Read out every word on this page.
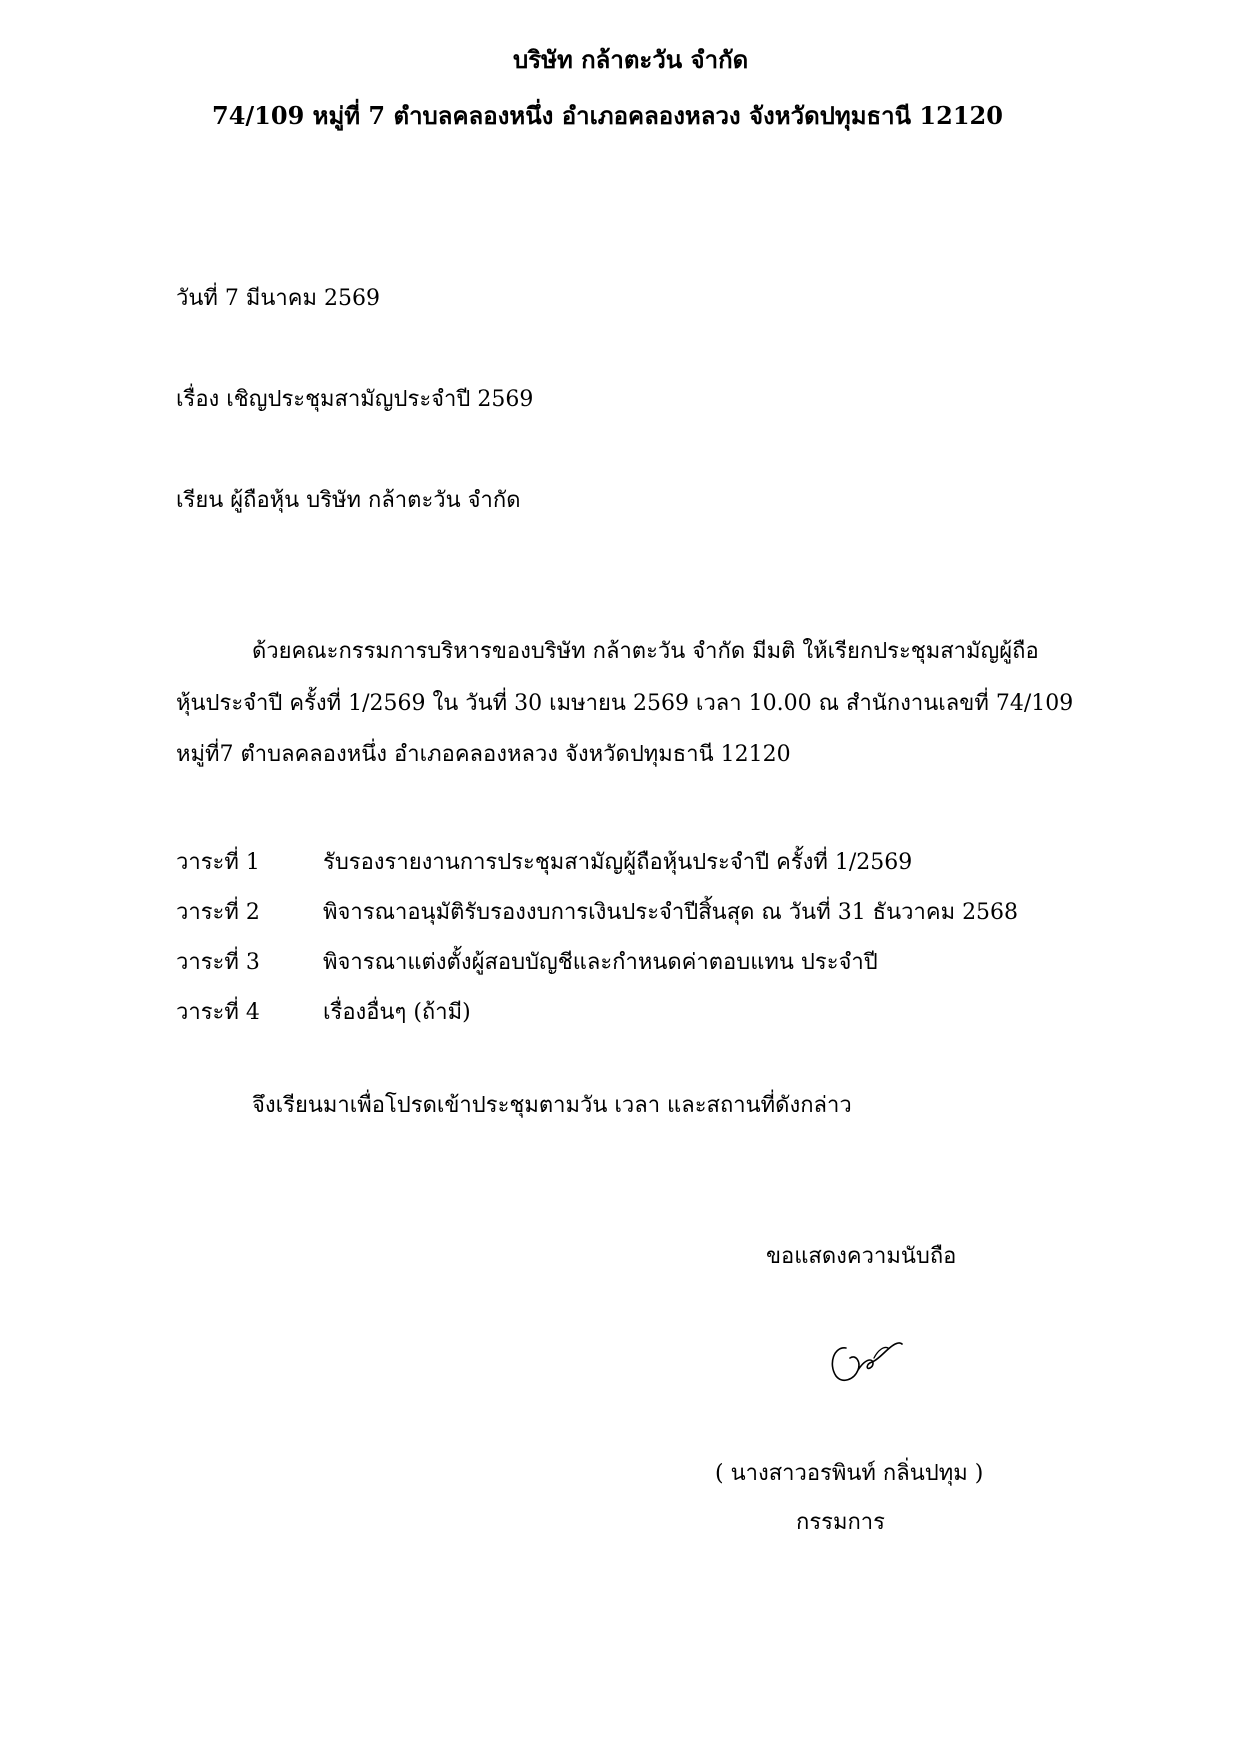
บริษัท กล้าตะวัน จำกัด
74/109 หมู่ที่ 7 ตำบลคลองหนึ่ง อำเภอคลองหลวง จังหวัดปทุมธานี 12120
วันที่ 7 มีนาคม 2569
เรื่อง เชิญประชุมสามัญประจำปี 2569
เรียน ผู้ถือหุ้น บริษัท กล้าตะวัน จำกัด
ด้วยคณะกรรมการบริหารของบริษัท กล้าตะวัน จำกัด มีมติ ให้เรียกประชุมสามัญผู้ถือ
หุ้นประจำปี ครั้งที่ 1/2569 ใน วันที่ 30 เมษายน 2569 เวลา 10.00 ณ สำนักงานเลขที่ 74/109
หมู่ที่7 ตำบลคลองหนึ่ง อำเภอคลองหลวง จังหวัดปทุมธานี 12120
วาระที่ 1	รับรองรายงานการประชุมสามัญผู้ถือหุ้นประจำปี ครั้งที่ 1/2569
วาระที่ 2	พิจารณาอนุมัติรับรองงบการเงินประจำปีสิ้นสุด ณ วันที่ 31 ธันวาคม 2568
วาระที่ 3	พิจารณาแต่งตั้งผู้สอบบัญชีและกำหนดค่าตอบแทน ประจำปี
วาระที่ 4	เรื่องอื่นๆ (ถ้ามี)
จึงเรียนมาเพื่อโปรดเข้าประชุมตามวัน เวลา และสถานที่ดังกล่าว
ขอแสดงความนับถือ
( นางสาวอรพินท์ กลิ่นปทุม )
กรรมการ
